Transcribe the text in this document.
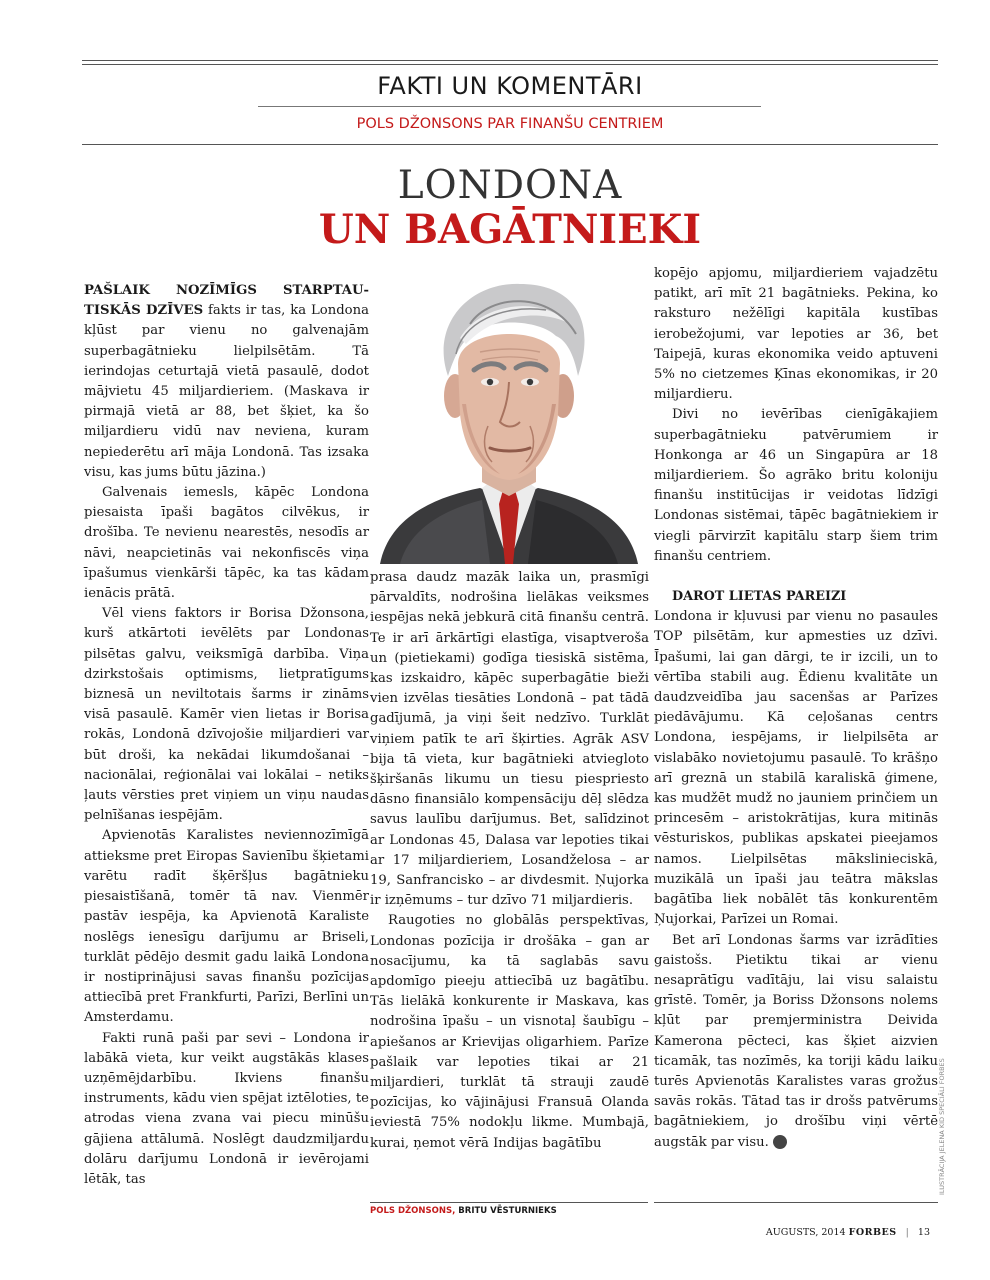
FAKTI UN KOMENTĀRI
POLS DŽONSONS PAR FINANŠU CENTRIEM
LONDONA
UN BAGĀTNIEKI

PAŠLAIK NOZĪMĪGS STARPTAUTISKĀS DZĪVES fakts ir tas, ka Londona kļūst par vienu no galvenajām superbagātnieku lielpilsētām. Tā ierindojas ceturtajā vietā pasaulē, dodot mājvietu 45 miljardieriem. (Maskava ir pirmajā vietā ar 88, bet šķiet, ka šo miljardieru vidū nav neviena, kuram nepiederētu arī māja Londonā. Tas izsaka visu, kas jums būtu jāzina.)

Galvenais iemesls, kāpēc Londona piesaista īpaši bagātos cilvēkus, ir drošība. Te nevienu nearestēs, nesodīs ar nāvi, neapcietinās vai nekonfiscēs viņa īpašumus vienkārši tāpēc, ka tas kādam ienācis prātā.

Vēl viens faktors ir Borisa Džonsona, kurš atkārtoti ievēlēts par Londonas pilsētas galvu, veiksmīgā darbība. Viņa dzirkstošais optimisms, lietpratīgums biznesā un neviltotais šarms ir zināms visā pasaulē. Kamēr vien lietas ir Borisa rokās, Londonā dzīvojošie miljardieri var būt droši, ka nekādai likumdošanai – nacionālai, reģionālai vai lokālai – netiks ļauts vērsties pret viņiem un viņu naudas pelnīšanas iespējām.

Apvienotās Karalistes neviennozīmīgā attieksme pret Eiropas Savienību šķietami varētu radīt šķēršļus bagātnieku piesaistīšanā, tomēr tā nav. Vienmēr pastāv iespēja, ka Apvienotā Karaliste noslēgs ienesīgu darījumu ar Briseli, turklāt pēdējo desmit gadu laikā Londona ir nostiprinājusi savas finanšu pozīcijas attiecībā pret Frankfurti, Parīzi, Berlīni un Amsterdamu.

Fakti runā paši par sevi – Londona ir labākā vieta, kur veikt augstākās klases uzņēmējdarbību. Ikviens finanšu instruments, kādu vien spējat iztēloties, te atrodas viena zvana vai piecu minūšu gājiena attālumā. Noslēgt daudzmiljardu dolāru darījumu Londonā ir ievērojami lētāk, tas

prasa daudz mazāk laika un, prasmīgi pārvaldīts, nodrošina lielākas veiksmes iespējas nekā jebkurā citā finanšu centrā. Te ir arī ārkārtīgi elastīga, visaptveroša un (pietiekami) godīga tiesiskā sistēma, kas izskaidro, kāpēc superbagātie bieži vien izvēlas tiesāties Londonā – pat tādā gadījumā, ja viņi šeit nedzīvo. Turklāt viņiem patīk te arī šķirties. Agrāk ASV bija tā vieta, kur bagātnieki atviegloto šķiršanās likumu un tiesu piespriesto dāsno finansiālo kompensāciju dēļ slēdza savus laulību darījumus. Bet, salīdzinot ar Londonas 45, Dalasa var lepoties tikai ar 17 miljardieriem, Losandželosa – ar 19, Sanfrancisko – ar divdesmit. Ņujorka ir izņēmums – tur dzīvo 71 miljardieris.

Raugoties no globālās perspektīvas, Londonas pozīcija ir drošāka – gan ar nosacījumu, ka tā saglabās savu apdomīgo pieeju attiecībā uz bagātību. Tās lielākā konkurente ir Maskava, kas nodrošina īpašu – un visnotaļ šaubīgu – apiešanos ar Krievijas oligarhiem. Parīze pašlaik var lepoties tikai ar 21 miljardieri, turklāt tā strauji zaudē pozīcijas, ko vājinājusi Fransuā Olanda ieviestā 75% nodokļu likme. Mumbajā, kurai, ņemot vērā Indijas bagātību

POLS DŽONSONS, BRITU VĒSTURNIEKS

kopējo apjomu, miljardieriem vajadzētu patikt, arī mīt 21 bagātnieks. Pekina, ko raksturo nežēlīgi kapitāla kustības ierobežojumi, var lepoties ar 36, bet Taipejā, kuras ekonomika veido aptuveni 5% no cietzemes Ķīnas ekonomikas, ir 20 miljardieru.

Divi no ievērības cienīgākajiem superbagātnieku patvērumiem ir Honkonga ar 46 un Singapūra ar 18 miljardieriem. Šo agrāko britu koloniju finanšu institūcijas ir veidotas līdzīgi Londonas sistēmai, tāpēc bagātniekiem ir viegli pārvirzīt kapitālu starp šiem trim finanšu centriem.

DAROT LIETAS PAREIZI

Londona ir kļuvusi par vienu no pasaules TOP pilsētām, kur apmesties uz dzīvi. Īpašumi, lai gan dārgi, te ir izcili, un to vērtība stabili aug. Ēdienu kvalitāte un daudzveidība jau sacenšas ar Parīzes piedāvājumu. Kā ceļošanas centrs Londona, iespējams, ir lielpilsēta ar vislabāko novietojumu pasaulē. To krāšņo arī greznā un stabilā karaliskā ģimene, kas mudžēt mudž no jauniem prinčiem un princesēm – aristokrātijas, kura mitinās vēsturiskos, publikas apskatei pieejamos namos. Lielpilsētas mākslinieciskā, muzikālā un īpaši jau teātra mākslas bagātība liek nobālēt tās konkurentēm Ņujorkai, Parīzei un Romai.

Bet arī Londonas šarms var izrādīties gaistošs. Pietiktu tikai ar vienu nesaprātīgu vadītāju, lai visu salaistu grīstē. Tomēr, ja Boriss Džonsons nolems kļūt par premjerministra Deivida Kamerona pēcteci, kas šķiet aizvien ticamāk, tas nozīmēs, ka toriji kādu laiku turēs Apvienotās Karalistes varas grožus savās rokās. Tātad tas ir drošs patvērums bagātniekiem, jo drošību viņi vērtē augstāk par visu. F	ILUSTRĀCIJA JELENA KID SPECIĀLI FORBES
AUGUSTS, 2014 FORBES | 13
